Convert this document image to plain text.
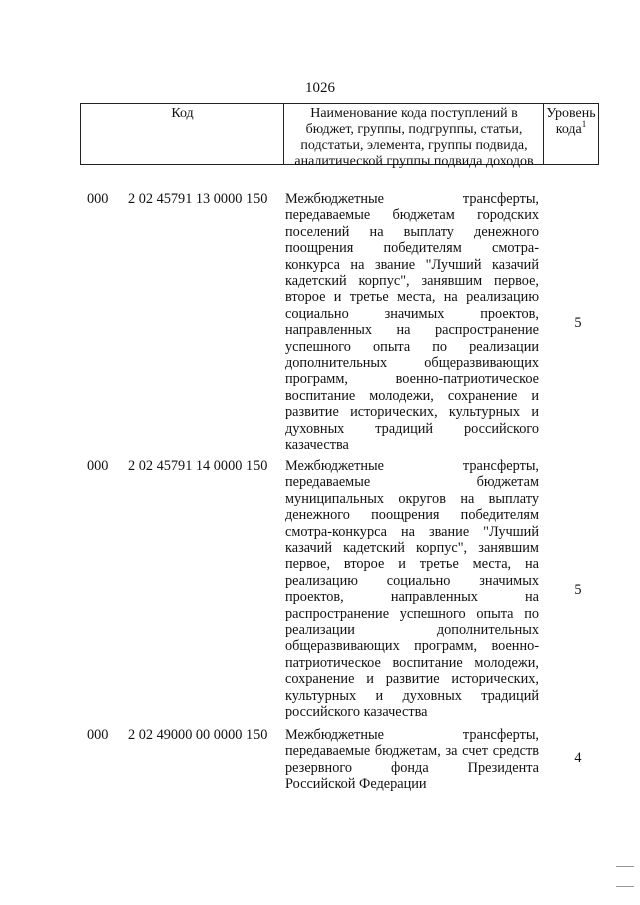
1026
Код	Наименование кода поступлений в
бюджет, группы, подгруппы, статьи,
подстатьи, элемента, группы подвида,
аналитической группы подвида доходов
Уровень
кода$^1$
000 2 02 45791 13 0000 150 Межбюджетные трансферты,
передаваемые бюджетам городских
поселений на выплату денежного
поощрения победителям смотра-
конкурса на звание "Лучший казачий
кадетский корпус", занявшим первое,
второе и третье места, на реализацию
социально значимых проектов,
направленных на распространение
успешного опыта по реализации
дополнительных общеразвивающих
программ, военно-патриотическое
воспитание молодежи, сохранение и
развитие исторических, культурных и
духовных традиций российского
казачества
5
000 2 02 45791 14 0000 150 Межбюджетные трансферты,
передаваемые бюджетам
муниципальных округов на выплату
денежного поощрения победителям
смотра-конкурса на звание "Лучший
казачий кадетский корпус", занявшим
первое, второе и третье места, на
реализацию социально значимых
проектов, направленных на
распространение успешного опыта по
реализации дополнительных
общеразвивающих программ, военно-
патриотическое воспитание молодежи,
сохранение и развитие исторических,
культурных и духовных традиций
российского казачества
5
000 2 02 49000 00 0000 150 Межбюджетные трансферты,
передаваемые бюджетам, за счет средств
резервного фонда Президента
Российской Федерации
4
